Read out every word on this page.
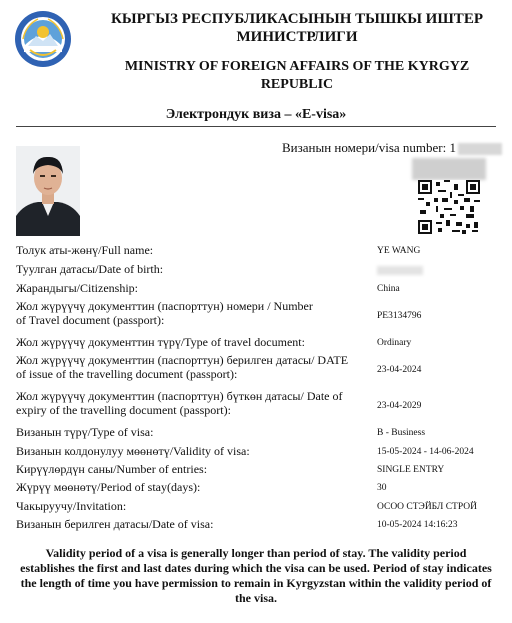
КЫРГЫЗ РЕСПУБЛИКАСЫНЫН ТЫШКЫ ИШТЕР МИНИСТРЛИГИ
MINISTRY OF FOREIGN AFFAIRS OF THE KYRGYZ REPUBLIC
Электрондук виза – «E-visa»
Визанын номери/visa number: 1
Толук аты-жөнү/Full name:	YE WANG
Туулган датасы/Date of birth:
Жарандыгы/Citizenship:	China
Жол жүрүүчү документтин (паспорттун) номери / Number of Travel document (passport):	PE3134796
Жол жүрүүчү документтин түрү/Type of travel document:	Ordinary
Жол жүрүүчү документтин (паспорттун) берилген датасы/ DATE of issue of the travelling document (passport):	23-04-2024
Жол жүрүүчү документтин (паспорттун) бүткөн датасы/ Date of expiry of the travelling document (passport):	23-04-2029
Визанын түрү/Type of visa:	B - Business
Визанын колдонулуу мөөнөтү/Validity of visa:	15-05-2024 - 14-06-2024
Кирүүлөрдүн саны/Number of entries:	SINGLE ENTRY
Жүрүү мөөнөтү/Period of stay(days):	30
Чакыруучу/Invitation:	ОСОО СТЭЙБЛ СТРОЙ
Визанын берилген датасы/Date of visa:	10-05-2024 14:16:23
Validity period of a visa is generally longer than period of stay. The validity period establishes the first and last dates during which the visa can be used. Period of stay indicates the length of time you have permission to remain in Kyrgyzstan within the validity period of the visa.
